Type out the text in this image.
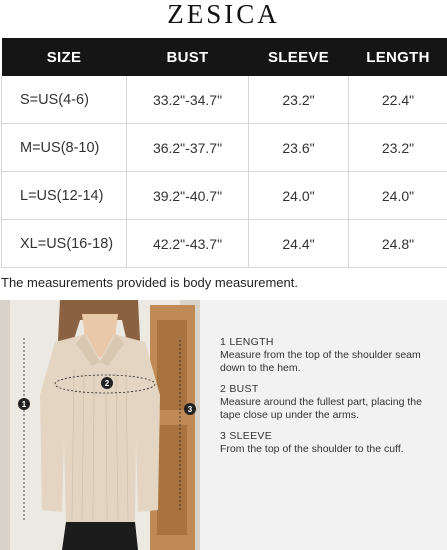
ZESICA
SIZE	BUST	SLEEVE	LENGTH
S=US(4-6)	33.2"-34.7"	23.2"	22.4"
M=US(8-10)	36.2"-37.7"	23.6"	23.2"
L=US(12-14)	39.2"-40.7"	24.0"	24.0"
XL=US(16-18)	42.2"-43.7"	24.4"	24.8"
The measurements provided is body measurement.
1
2
3
1 LENGTH
Measure from the top of the shoulder seam down to the hem.
2 BUST
Measure around the fullest part, placing the tape close up under the arms.
3 SLEEVE
From the top of the shoulder to the cuff.
